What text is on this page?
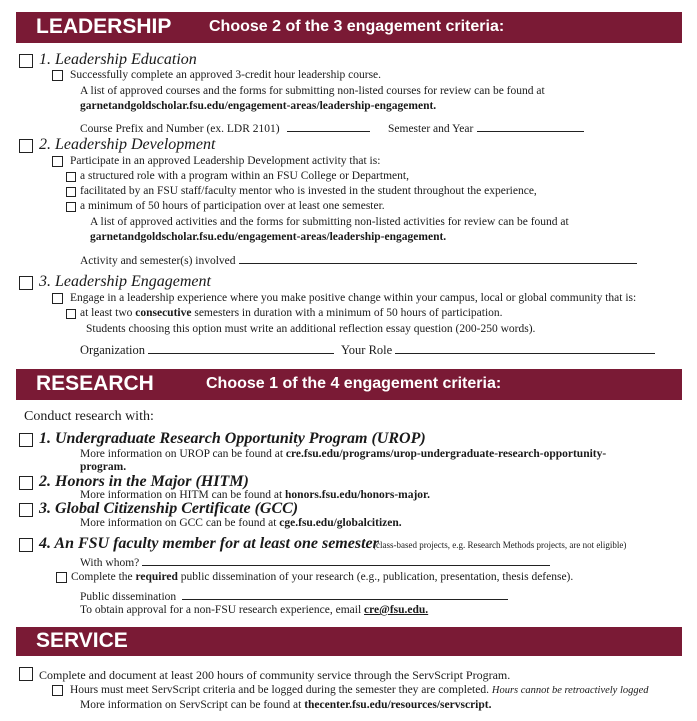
LEADERSHIP Choose 2 of the 3 engagement criteria:
1. Leadership Education
Successfully complete an approved 3-credit hour leadership course.
A list of approved courses and the forms for submitting non-listed courses for review can be found at
garnetandgoldscholar.fsu.edu/engagement-areas/leadership-engagement.
Course Prefix and Number (ex. LDR 2101)	Semester and Year
2. Leadership Development
Participate in an approved Leadership Development activity that is:
a structured role with a program within an FSU College or Department,
facilitated by an FSU staff/faculty mentor who is invested in the student throughout the experience,
a minimum of 50 hours of participation over at least one semester.
A list of approved activities and the forms for submitting non-listed activities for review can be found at
garnetandgoldscholar.fsu.edu/engagement-areas/leadership-engagement.
Activity and semester(s) involved
3. Leadership Engagement
Engage in a leadership experience where you make positive change within your campus, local or global community that is:
at least two consecutive semesters in duration with a minimum of 50 hours of participation.
Students choosing this option must write an additional reflection essay question (200-250 words).
Organization	Your Role
RESEARCH	Choose 1 of the 4 engagement criteria:
Conduct research with:
1. Undergraduate Research Opportunity Program (UROP)
More information on UROP can be found at cre.fsu.edu/programs/urop-undergraduate-research-opportunity-
program.
2. Honors in the Major (HITM)
More information on HITM can be found at honors.fsu.edu/honors-major.
3. Global Citizenship Certificate (GCC)
More information on GCC can be found at cge.fsu.edu/globalcitizen.
4. An FSU faculty member for at least one semester
(class-based projects, e.g. Research Methods projects, are not eligible)
With whom?
Complete the required public dissemination of your research (e.g., publication, presentation, thesis defense).
Public dissemination
To obtain approval for a non-FSU research experience, email cre@fsu.edu.
SERVICE
Complete and document at least 200 hours of community service through the ServScript Program.
Hours must meet ServScript criteria and be logged during the semester they are completed. Hours cannot be retroactively logged
More information on ServScript can be found at thecenter.fsu.edu/resources/servscript.
